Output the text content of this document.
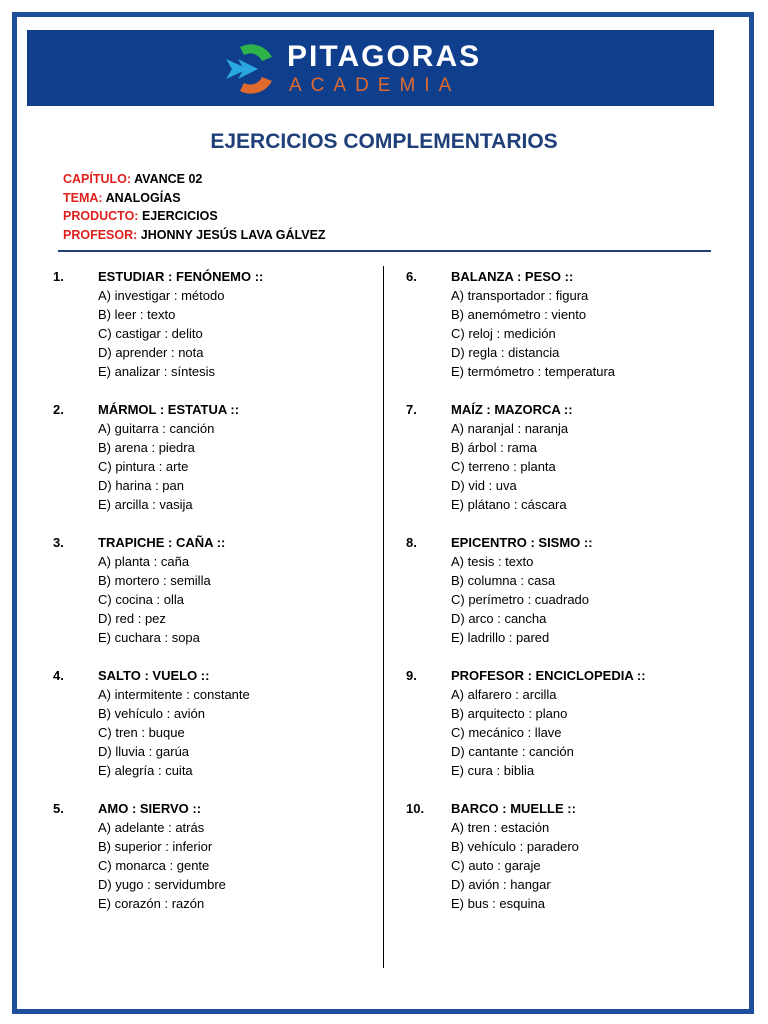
PITAGORAS
ACADEMIA
EJERCICIOS COMPLEMENTARIOS
CAPÍTULO: AVANCE 02
TEMA: ANALOGÍAS
PRODUCTO: EJERCICIOS
PROFESOR: JHONNY JESÚS LAVA GÁLVEZ
1.	ESTUDIAR : FENÓNEMO ::
A) investigar : método
B) leer : texto
C) castigar : delito
D) aprender : nota
E) analizar : síntesis
2.	MÁRMOL : ESTATUA ::
A) guitarra : canción
B) arena : piedra
C) pintura : arte
D) harina : pan
E) arcilla : vasija
3.	TRAPICHE : CAÑA ::
A) planta : caña
B) mortero : semilla
C) cocina : olla
D) red : pez
E) cuchara : sopa
4.	SALTO : VUELO ::
A) intermitente : constante
B) vehículo : avión
C) tren : buque
D) lluvia : garúa
E) alegría : cuita
5.	AMO : SIERVO ::
A) adelante : atrás
B) superior : inferior
C) monarca : gente
D) yugo : servidumbre
E) corazón : razón
6.	BALANZA : PESO ::
A) transportador : figura
B) anemómetro : viento
C) reloj : medición
D) regla : distancia
E) termómetro : temperatura
7.	MAÍZ : MAZORCA ::
A) naranjal : naranja
B) árbol : rama
C) terreno : planta
D) vid : uva
E) plátano : cáscara
8.	EPICENTRO : SISMO ::
A) tesis : texto
B) columna : casa
C) perímetro : cuadrado
D) arco : cancha
E) ladrillo : pared
9.	PROFESOR : ENCICLOPEDIA ::
A) alfarero : arcilla
B) arquitecto : plano
C) mecánico : llave
D) cantante : canción
E) cura : biblia
10. BARCO : MUELLE ::
A) tren : estación
B) vehículo : paradero
C) auto : garaje
D) avión : hangar
E) bus : esquina
